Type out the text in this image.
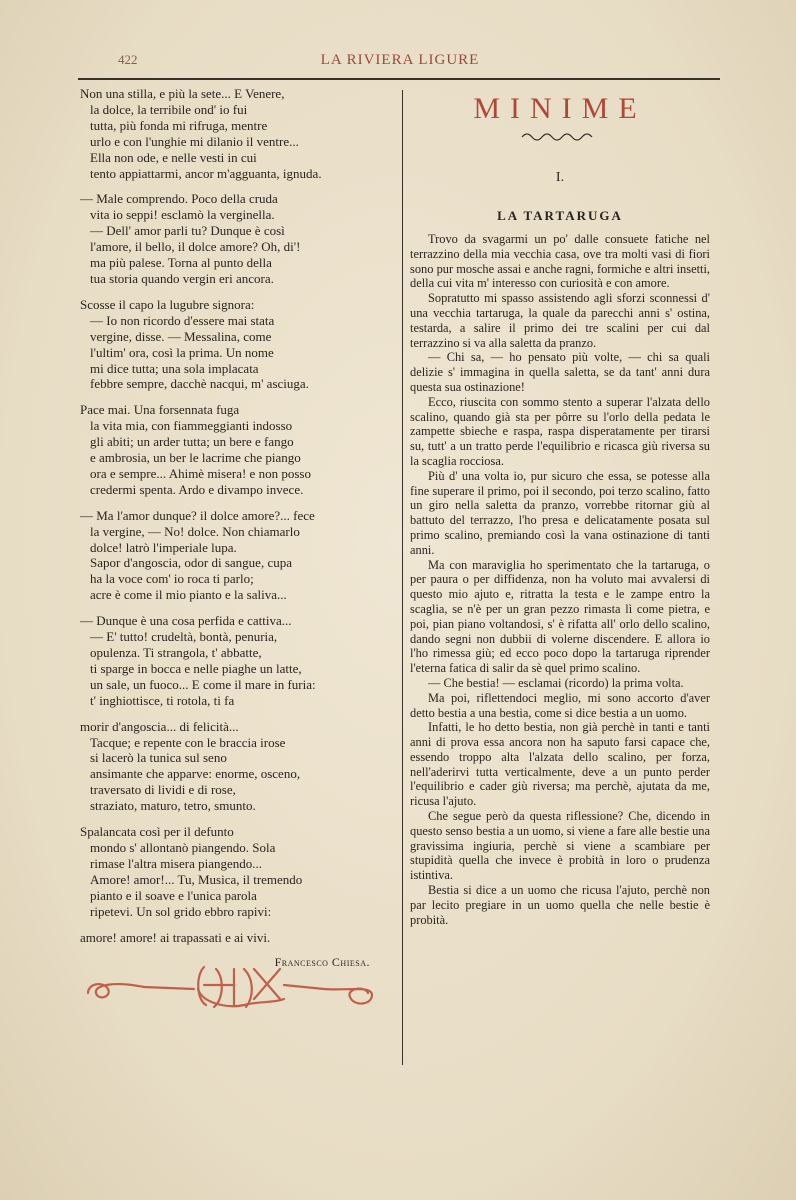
422	LA RIVIERA LIGURE
Non una stilla, e più la sete... E Venere,
la dolce, la terribile ond' io fui
tutta, più fonda mi rifruga, mentre
urlo e con l'unghie mi dilanio il ventre...
Ella non ode, e nelle vesti in cui
tento appiattarmi, ancor m'agguanta, ignuda.
— Male comprendo. Poco della cruda
vita io seppi! esclamò la verginella.
— Dell' amor parli tu? Dunque è così
l'amore, il bello, il dolce amore? Oh, di'!
ma più palese. Torna al punto della
tua storia quando vergin eri ancora.
Scosse il capo la lugubre signora:
— Io non ricordo d'essere mai stata
vergine, disse. — Messalina, come
l'ultim' ora, così la prima. Un nome
mi dice tutta; una sola implacata
febbre sempre, dacchè nacqui, m' asciuga.
Pace mai. Una forsennata fuga
la vita mia, con fiammeggianti indosso
gli abiti; un arder tutta; un bere e fango
e ambrosia, un ber le lacrime che piango
ora e sempre... Ahimè misera! e non posso
credermi spenta. Ardo e divampo invece.
— Ma l'amor dunque? il dolce amore?... fece
la vergine, — No! dolce. Non chiamarlo
dolce! latrò l'imperiale lupa.
Sapor d'angoscia, odor di sangue, cupa
ha la voce com' io roca ti parlo;
acre è come il mio pianto e la saliva...
— Dunque è una cosa perfida e cattiva...
— E' tutto! crudeltà, bontà, penuria,
opulenza. Ti strangola, t' abbatte,
ti sparge in bocca e nelle piaghe un latte,
un sale, un fuoco... E come il mare in furia:
t' inghiottisce, ti rotola, ti fa
morir d'angoscia... di felicità...
Tacque; e repente con le braccia irose
si lacerò la tunica sul seno
ansimante che apparve: enorme, osceno,
traversato di lividi e di rose,
straziato, maturo, tetro, smunto.
Spalancata così per il defunto
mondo s' allontanò piangendo. Sola
rimase l'altra misera piangendo...
Amore! amor!... Tu, Musica, il tremendo
pianto e il soave e l'unica parola
ripetevi. Un sol grido ebbro rapivi:
amore! amore! ai trapassati e ai vivi.
Francesco Chiesa.
MINIME
I.
LA TARTARUGA

Trovo da svagarmi un po' dalle consuete fatiche nel terrazzino della mia vecchia casa, ove tra molti vasi di fiori sono pur mosche assai e anche ragni, formiche e altri insetti, della cui vita m' interesso con curiosità e con amore.

Sopratutto mi spasso assistendo agli sforzi sconnessi d' una vecchia tartaruga, la quale da parecchi anni s' ostina, testarda, a salire il primo dei tre scalini per cui dal terrazzino si va alla saletta da pranzo.

— Chi sa, — ho pensato più volte, — chi sa quali delizie s' immagina in quella saletta, se da tant' anni dura questa sua ostinazione!

Ecco, riuscita con sommo stento a superar l'alzata dello scalino, quando già sta per pôrre su l'orlo della pedata le zampette sbieche e raspa, raspa disperatamente per tirarsi su, tutt' a un tratto perde l'equilibrio e ricasca giù riversa su la scaglia rocciosa.

Più d' una volta io, pur sicuro che essa, se potesse alla fine superare il primo, poi il secondo, poi terzo scalino, fatto un giro nella saletta da pranzo, vorrebbe ritornar giù al battuto del terrazzo, l'ho presa e delicatamente posata sul primo scalino, premiando così la vana ostinazione di tanti anni.

Ma con maraviglia ho sperimentato che la tartaruga, o per paura o per diffidenza, non ha voluto mai avvalersi di questo mio ajuto e, ritratta la testa e le zampe entro la scaglia, se n'è per un gran pezzo rimasta lì come pietra, e poi, pian piano voltandosi, s' è rifatta all' orlo dello scalino, dando segni non dubbii di volerne discendere. E allora io l'ho rimessa giù; ed ecco poco dopo la tartaruga riprender l'eterna fatica di salir da sè quel primo scalino.

— Che bestia! — esclamai (ricordo) la prima volta.

Ma poi, riflettendoci meglio, mi sono accorto d'aver detto bestia a una bestia, come si dice bestia a un uomo.

Infatti, le ho detto bestia, non già perchè in tanti e tanti anni di prova essa ancora non ha saputo farsi capace che, essendo troppo alta l'alzata dello scalino, per forza, nell'aderirvi tutta verticalmente, deve a un punto perder l'equilibrio e cader giù riversa; ma perchè, ajutata da me, ricusa l'ajuto.

Che segue però da questa riflessione? Che, dicendo in questo senso bestia a un uomo, si viene a fare alle bestie una gravissima ingiuria, perchè si viene a scambiare per stupidità quella che invece è probità in loro o prudenza istintiva.

Bestia si dice a un uomo che ricusa l'ajuto, perchè non par lecito pregiare in un uomo quella che nelle bestie è probità.
